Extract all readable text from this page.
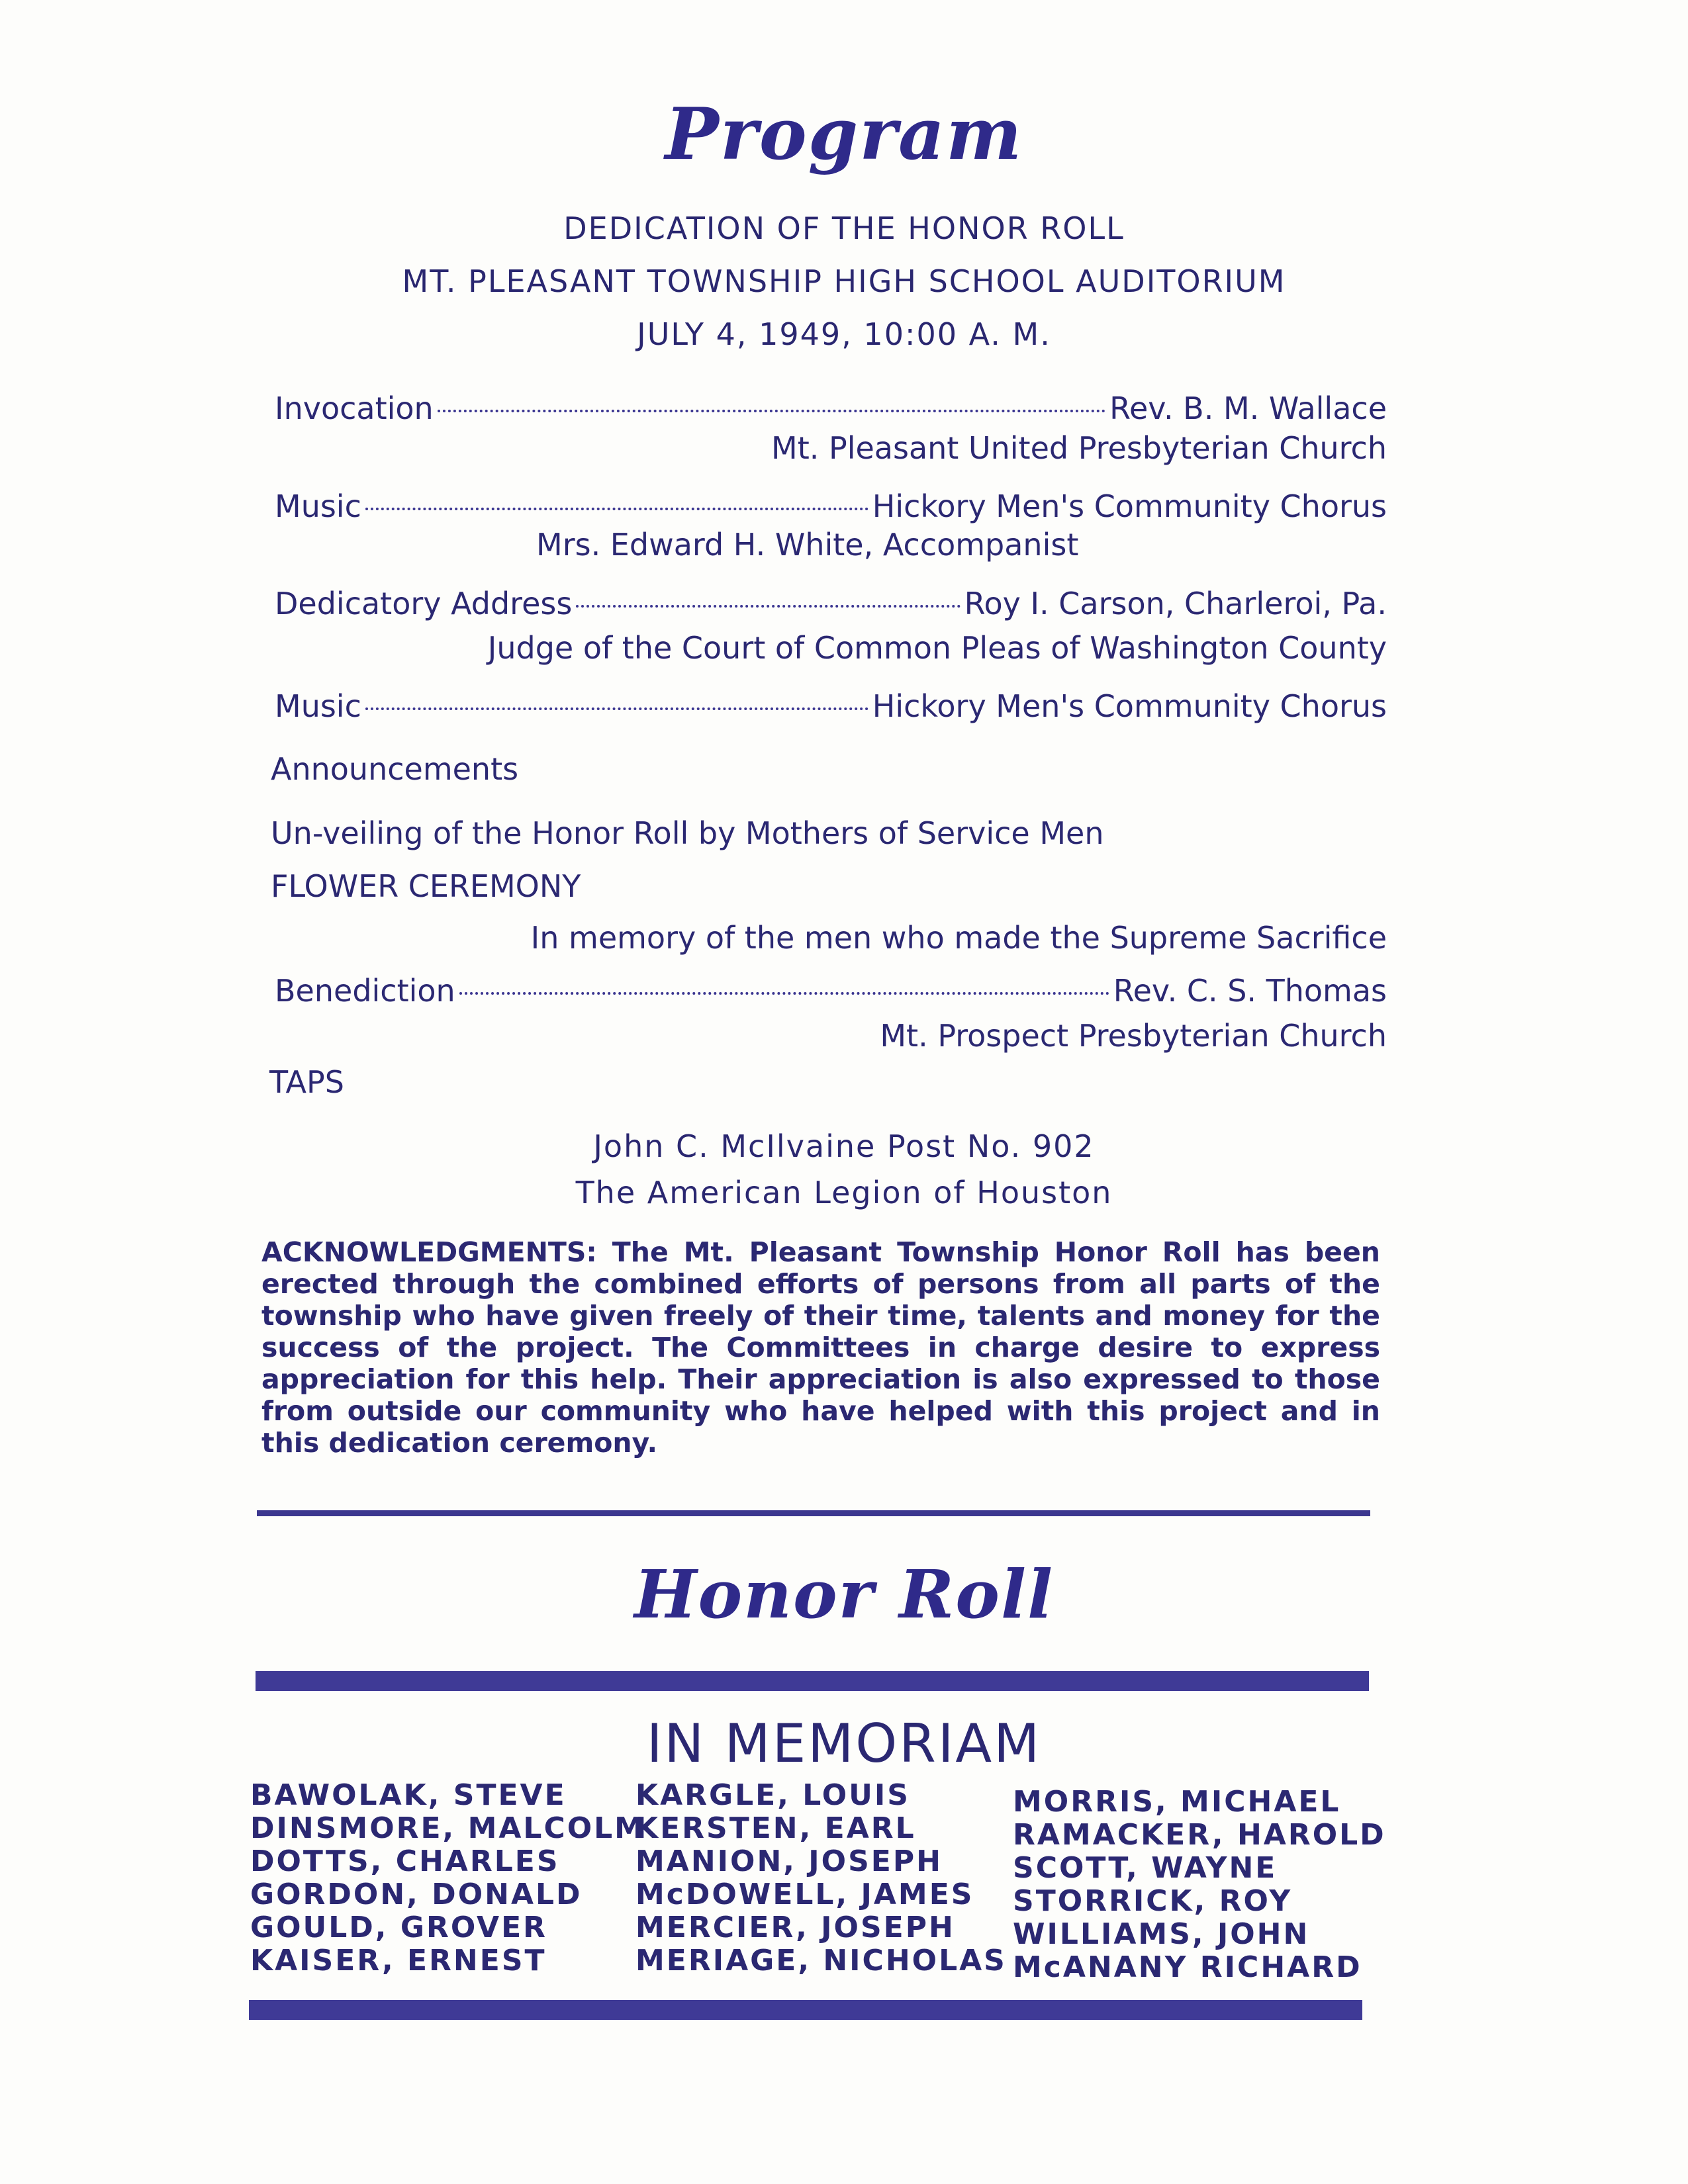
Program
DEDICATION OF THE HONOR ROLL
MT. PLEASANT TOWNSHIP HIGH SCHOOL AUDITORIUM
JULY 4, 1949, 10:00 A. M.
Invocation	Rev. B. M. Wallace
Mt. Pleasant United Presbyterian Church
Music	Hickory Men's Community Chorus
Mrs. Edward H. White, Accompanist
Dedicatory Address	Roy I. Carson, Charleroi, Pa.
Judge of the Court of Common Pleas of Washington County
Music	Hickory Men's Community Chorus
Announcements
Un-veiling of the Honor Roll by Mothers of Service Men
FLOWER CEREMONY
In memory of the men who made the Supreme Sacrifice
Benediction	Rev. C. S. Thomas
Mt. Prospect Presbyterian Church
TAPS
John C. McIlvaine Post No. 902
The American Legion of Houston
ACKNOWLEDGMENTS: The Mt. Pleasant Township Honor Roll has been erected through the combined efforts of persons from all parts of the township who have given freely of their time, talents and money for the success of the project. The Committees in charge desire to express appreciation for this help. Their appreciation is also expressed to those from outside our community who have helped with this project and in this dedication ceremony.
Honor Roll
IN MEMORIAM
BAWOLAK, STEVE
DINSMORE, MALCOLM
DOTTS, CHARLES
GORDON, DONALD
GOULD, GROVER
KAISER, ERNEST
KARGLE, LOUIS
KERSTEN, EARL
MANION, JOSEPH
McDOWELL, JAMES
MERCIER, JOSEPH
MERIAGE, NICHOLAS
MORRIS, MICHAEL
RAMACKER, HAROLD
SCOTT, WAYNE
STORRICK, ROY
WILLIAMS, JOHN
McANANY RICHARD
